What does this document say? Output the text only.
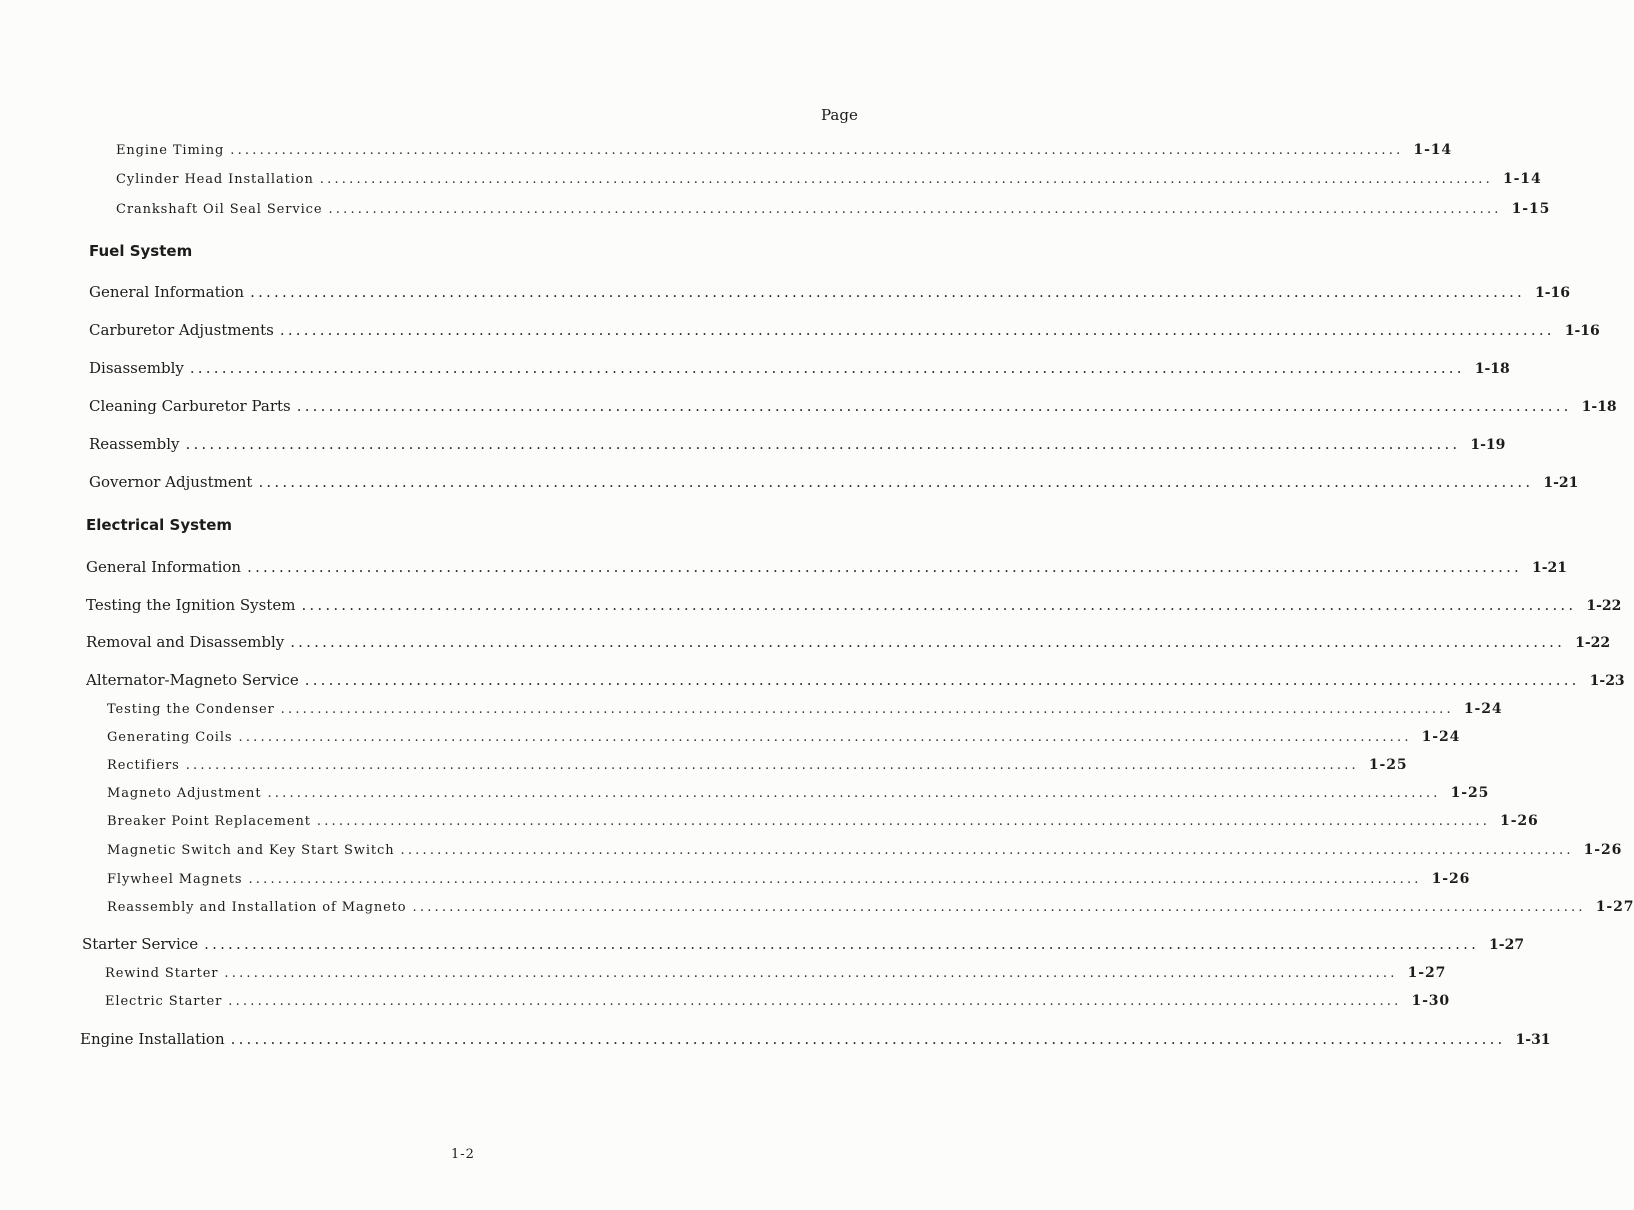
Page
Engine Timing ................................................................................................................................................................ 1-14
Cylinder Head Installation ................................................................................................................................................................ 1-14
Crankshaft Oil Seal Service ................................................................................................................................................................ 1-15
Fuel System
General Information ................................................................................................................................................................ 1-16
Carburetor Adjustments ................................................................................................................................................................ 1-16
Disassembly ................................................................................................................................................................ 1-18
Cleaning Carburetor Parts ................................................................................................................................................................ 1-18
Reassembly ................................................................................................................................................................ 1-19
Governor Adjustment ................................................................................................................................................................ 1-21
Electrical System
General Information ................................................................................................................................................................ 1-21
Testing the Ignition System ................................................................................................................................................................ 1-22
Removal and Disassembly ................................................................................................................................................................ 1-22
Alternator-Magneto Service ................................................................................................................................................................ 1-23
Testing the Condenser ................................................................................................................................................................ 1-24
Generating Coils ................................................................................................................................................................ 1-24
Rectifiers ................................................................................................................................................................ 1-25
Magneto Adjustment ................................................................................................................................................................ 1-25
Breaker Point Replacement ................................................................................................................................................................ 1-26
Magnetic Switch and Key Start Switch ................................................................................................................................................................ 1-26
Flywheel Magnets ................................................................................................................................................................ 1-26
Reassembly and Installation of Magneto ................................................................................................................................................................ 1-27
Starter Service ................................................................................................................................................................ 1-27
Rewind Starter ................................................................................................................................................................ 1-27
Electric Starter ................................................................................................................................................................ 1-30
Engine Installation ................................................................................................................................................................ 1-31
1-2
